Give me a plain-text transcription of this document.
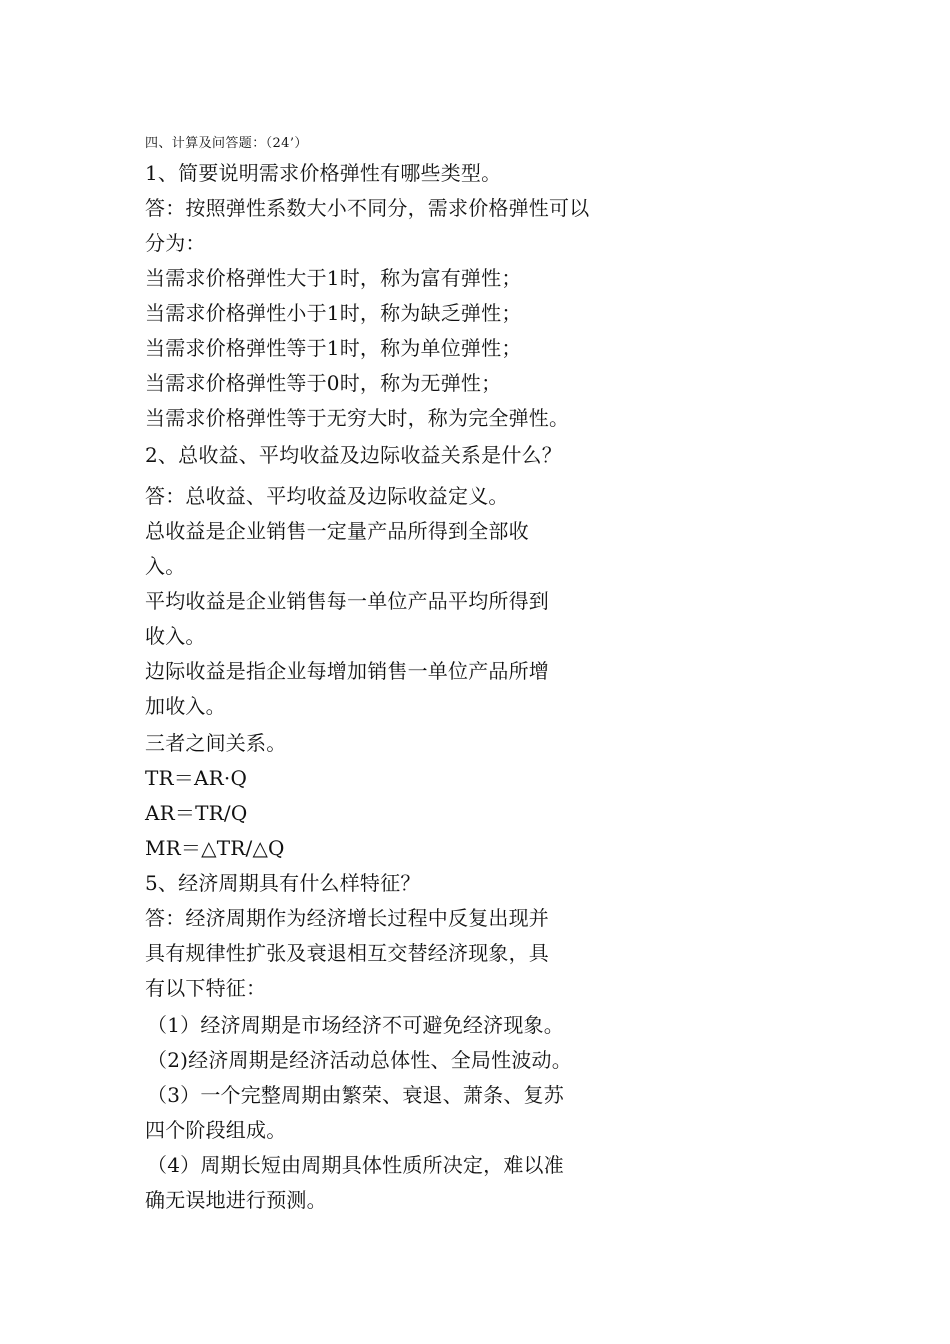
四、计算及问答题：（24’）
1、简要说明需求价格弹性有哪些类型。
答：按照弹性系数大小不同分，需求价格弹性可以
分为：
当需求价格弹性大于1时，称为富有弹性；
当需求价格弹性小于1时，称为缺乏弹性；
当需求价格弹性等于1时，称为单位弹性；
当需求价格弹性等于0时，称为无弹性；
当需求价格弹性等于无穷大时，称为完全弹性。
2、总收益、平均收益及边际收益关系是什么？
答：总收益、平均收益及边际收益定义。
总收益是企业销售一定量产品所得到全部收
入。
平均收益是企业销售每一单位产品平均所得到
收入。
边际收益是指企业每增加销售一单位产品所增
加收入。
三者之间关系。
TR＝AR·Q
AR＝TR/Q
MR＝△TR/△Q
5、经济周期具有什么样特征？
答：经济周期作为经济增长过程中反复出现并
具有规律性扩张及衰退相互交替经济现象，具
有以下特征：
（1）经济周期是市场经济不可避免经济现象。
（2)经济周期是经济活动总体性、全局性波动。
（3）一个完整周期由繁荣、衰退、萧条、复苏
四个阶段组成。
（4）周期长短由周期具体性质所决定，难以准
确无误地进行预测。
